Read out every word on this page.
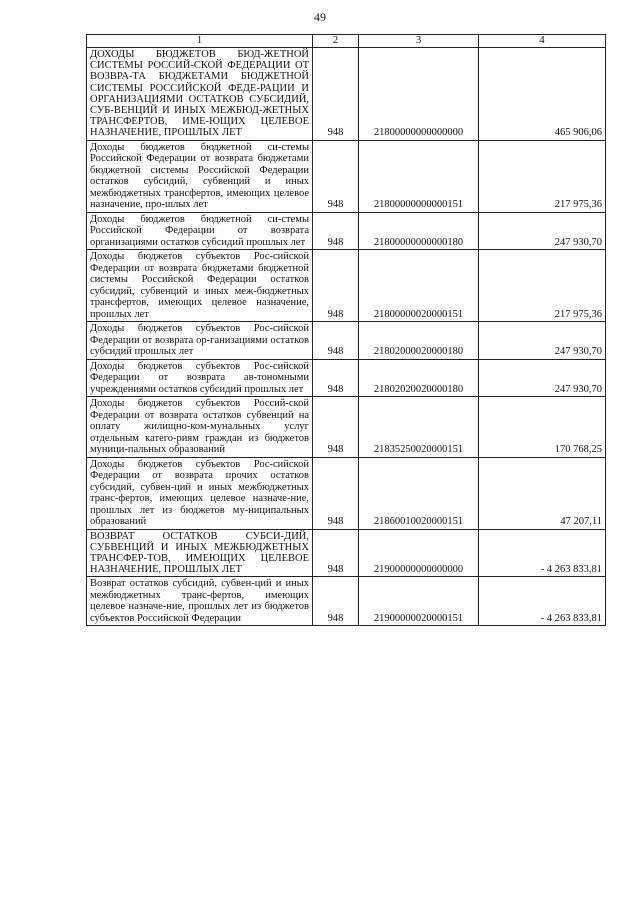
49
1	2	3	4
ДОХОДЫ БЮДЖЕТОВ БЮД-ЖЕТНОЙ СИСТЕМЫ РОССИЙ-СКОЙ ФЕДЕРАЦИИ ОТ ВОЗВРА-ТА БЮДЖЕТАМИ БЮДЖЕТНОЙ СИСТЕМЫ РОССИЙСКОЙ ФЕДЕ-РАЦИИ И ОРГАНИЗАЦИЯМИ ОСТАТКОВ СУБСИДИЙ, СУБ-ВЕНЦИЙ И ИНЫХ МЕЖБЮД-ЖЕТНЫХ ТРАНСФЕРТОВ, ИМЕ-ЮЩИХ ЦЕЛЕВОЕ НАЗНАЧЕНИЕ, ПРОШЛЫХ ЛЕТ	948	21800000000000000	465 906,06
Доходы бюджетов бюджетной си-стемы Российской Федерации от возврата бюджетами бюджетной системы Российской Федерации остатков субсидий, субвенций и иных межбюджетных трансфертов, имеющих целевое назначение, про-шлых лет	948	21800000000000151	217 975,36
Доходы бюджетов бюджетной си-стемы Российской Федерации от возврата организациями остатков субсидий прошлых лет	948	21800000000000180	247 930,70
Доходы бюджетов субъектов Рос-сийской Федерации от возврата бюджетами бюджетной системы Российской Федерации остатков субсидий, субвенций и иных меж-бюджетных трансфертов, имеющих целевое назначение, прошлых лет	948	21800000020000151	217 975,36
Доходы бюджетов субъектов Рос-сийской Федерации от возврата ор-ганизациями остатков субсидий прошлых лет	948	21802000020000180	247 930,70
Доходы бюджетов субъектов Рос-сийской Федерации от возврата ав-тономными учреждениями остатков субсидий прошлых лет	948	21802020020000180	247 930,70
Доходы бюджетов субъектов Россий-ской Федерации от возврата остатков субвенций на оплату жилищно-ком-мунальных услуг отдельным катего-риям граждан из бюджетов муници-пальных образований	948	21835250020000151	170 768,25
Доходы бюджетов субъектов Рос-сийской Федерации от возврата прочих остатков субсидий, субвен-ций и иных межбюджетных транс-фертов, имеющих целевое назначе-ние, прошлых лет из бюджетов му-ниципальных образований	948	21860010020000151	47 207,11
ВОЗВРАТ ОСТАТКОВ СУБСИ-ДИЙ, СУБВЕНЦИЙ И ИНЫХ МЕЖБЮДЖЕТНЫХ ТРАНСФЕР-ТОВ, ИМЕЮЩИХ ЦЕЛЕВОЕ НАЗНАЧЕНИЕ, ПРОШЛЫХ ЛЕТ	948	21900000000000000	- 4 263 833,81
Возврат остатков субсидий, субвен-ций и иных межбюджетных транс-фертов, имеющих целевое назначе-ние, прошлых лет из бюджетов субъектов Российской Федерации	948	21900000020000151	- 4 263 833,81
